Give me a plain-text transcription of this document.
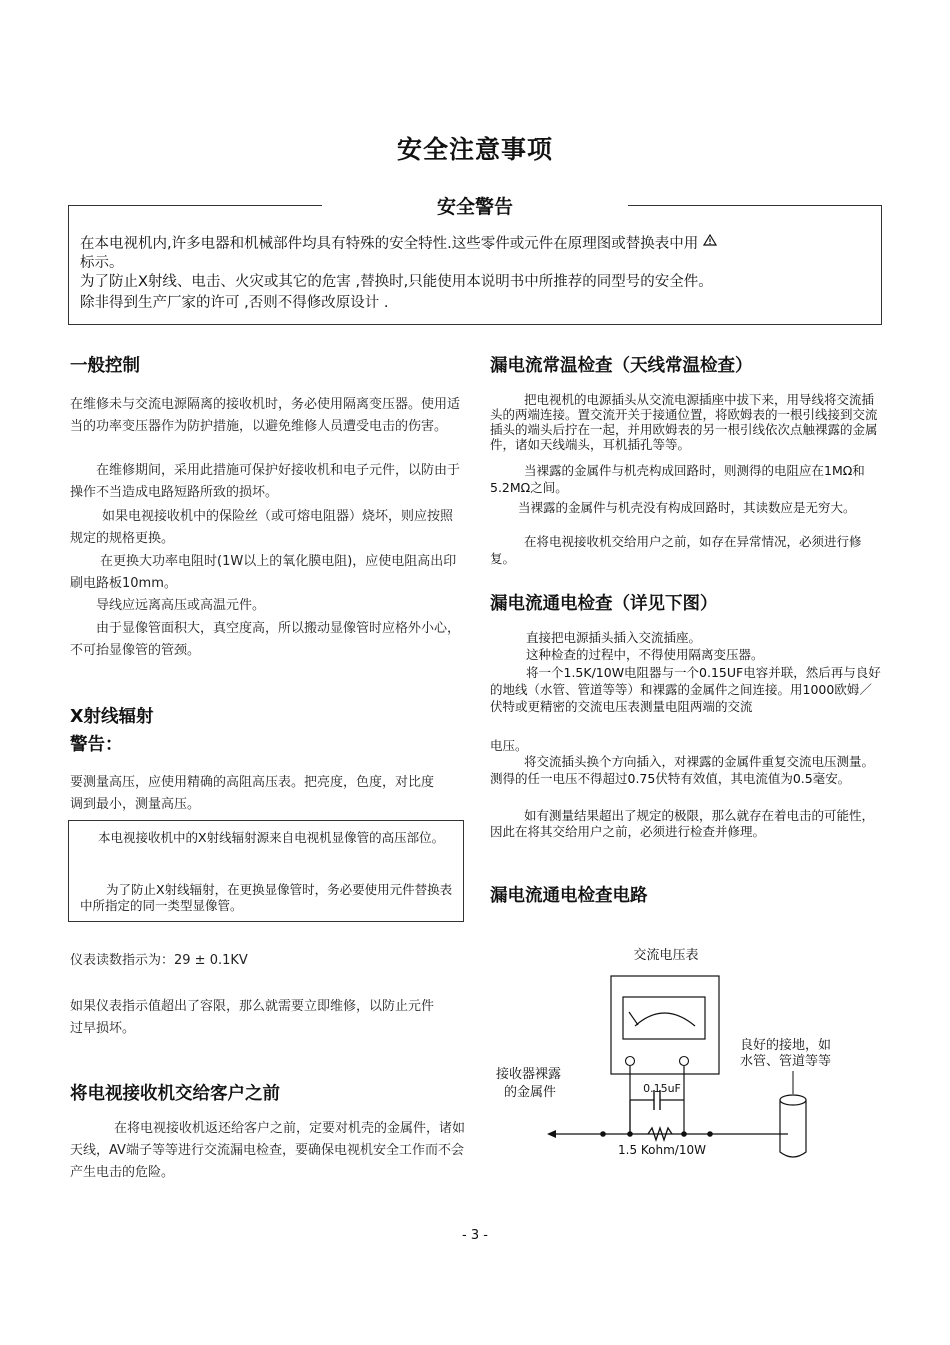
安全注意事项
安全警告
在本电视机内,许多电器和机械部件均具有特殊的安全特性.这些零件或元件在原理图或替换表中用
标示。
为了防止X射线、电击、火灾或其它的危害 ,替换时,只能使用本说明书中所推荐的同型号的安全件。
除非得到生产厂家的许可 ,否则不得修改原设计 .
一般控制
在维修未与交流电源隔离的接收机时，务必使用隔离变压器。使用适当的功率变压器作为防护措施，以避免维修人员遭受电击的伤害。
在维修期间，采用此措施可保护好接收机和电子元件，以防由于操作不当造成电路短路所致的损坏。
如果电视接收机中的保险丝（或可熔电阻器）烧坏，则应按照规定的规格更换。
在更换大功率电阻时(1W以上的氧化膜电阻)，应使电阻高出印刷电路板10mm。
导线应远离高压或高温元件。
由于显像管面积大，真空度高，所以搬动显像管时应格外小心，不可抬显像管的管颈。
X射线辐射
警告：
要测量高压，应使用精确的高阻高压表。把亮度，色度，对比度调到最小，测量高压。
本电视接收机中的X射线辐射源来自电视机显像管的高压部位。
为了防止X射线辐射，在更换显像管时，务必要使用元件替换表中所指定的同一类型显像管。
仪表读数指示为：29 ± 0.1KV
如果仪表指示值超出了容限，那么就需要立即维修，以防止元件过早损坏。
将电视接收机交给客户之前
在将电视接收机返还给客户之前，定要对机壳的金属件，诸如天线，AV端子等等进行交流漏电检查，要确保电视机安全工作而不会产生电击的危险。
漏电流常温检查（天线常温检查）
把电视机的电源插头从交流电源插座中拔下来，用导线将交流插头的两端连接。置交流开关于接通位置，将欧姆表的一根引线接到交流插头的端头后拧在一起，并用欧姆表的另一根引线依次点触裸露的金属件，诸如天线端头，耳机插孔等等。
当裸露的金属件与机壳构成回路时，则测得的电阻应在1MΩ和5.2MΩ之间。
当裸露的金属件与机壳没有构成回路时，其读数应是无穷大。
在将电视接收机交给用户之前，如存在异常情况，必须进行修复。
漏电流通电检查（详见下图）
直接把电源插头插入交流插座。
这种检查的过程中，不得使用隔离变压器。
将一个1.5K/10W电阻器与一个0.15UF电容并联，然后再与良好的地线（水管、管道等等）和裸露的金属件之间连接。用1000欧姆／ 伏特或更精密的交流电压表测量电阻两端的交流
电压。
将交流插头换个方向插入，对裸露的金属件重复交流电压测量。测得的任一电压不得超过0.75伏特有效值，其电流值为0.5毫安。
如有测量结果超出了规定的极限，那么就存在着电击的可能性，因此在将其交给用户之前，必须进行检查并修理。
漏电流通电检查电路
交流电压表
良好的接地，如
水管、管道等等
接收器裸露
的金属件	0.15uF
1.5 Kohm/10W
- 3 -
